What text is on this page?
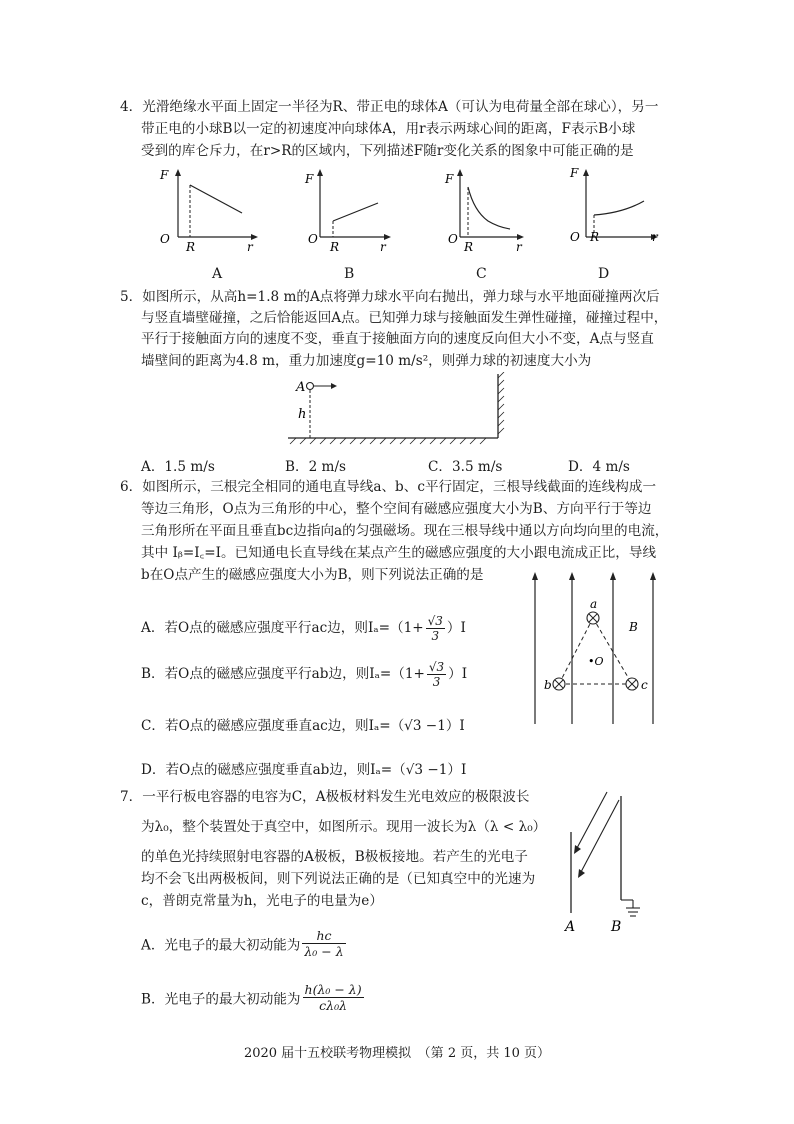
4．光滑绝缘水平面上固定一半径为R、带正电的球体A（可认为电荷量全部在球心），另一
带正电的小球B以一定的初速度冲向球体A，用r表示两球心间的距离，F表示B小球
受到的库仑斥力，在r>R的区域内，下列描述F随r变化关系的图象中可能正确的是
F
O
R	r
A
F
O
R	r
B
F
O
R	r
C
F
O R	r
D
5．如图所示，从高h=1.8 m的A点将弹力球水平向右抛出，弹力球与水平地面碰撞两次后
与竖直墙壁碰撞，之后恰能返回A点。已知弹力球与接触面发生弹性碰撞，碰撞过程中，
平行于接触面方向的速度不变，垂直于接触面方向的速度反向但大小不变，A点与竖直
墙壁间的距离为4.8 m，重力加速度g=10 m/s²，则弹力球的初速度大小为
A
h
A．1.5 m/s	B．2 m/s	C．3.5 m/s	D．4 m/s
6．如图所示，三根完全相同的通电直导线a、b、c平行固定，三根导线截面的连线构成一
等边三角形，O点为三角形的中心，整个空间有磁感应强度大小为B、方向平行于等边
三角形所在平面且垂直bc边指向a的匀强磁场。现在三根导线中通以方向均向里的电流，
其中 Iᵦ=I꜀=I。已知通电长直导线在某点产生的磁感应强度的大小跟电流成正比，导线
b在O点产生的磁感应强度大小为B，则下列说法正确的是
A．若O点的磁感应强度平行ac边，则$I_a=(1+ \frac{√3}{3} )I$
B．若O点的磁感应强度平行ab边，则$I_a=(1+ \frac{√3}{3} )I$
C．若O点的磁感应强度垂直ac边，则Iₐ=（√3 −1）I
D．若O点的磁感应强度垂直ab边，则Iₐ=（√3 −1）I
a
b	c
•O
B
7．一平行板电容器的电容为C，A极板材料发生光电效应的极限波长
为λ₀，整个装置处于真空中，如图所示。现用一波长为λ（λ < λ₀）
的单色光持续照射电容器的A极板，B极板接地。若产生的光电子
均不会飞出两极板间，则下列说法正确的是（已知真空中的光速为
c，普朗克常量为h，光电子的电量为e）
A．光电子的最大初动能为 $\frac{hc}{\text{λ₀ − λ}}$
B．光电子的最大初动能为 $\frac{\text{h(λ₀ − λ)}}{\text{cλ₀λ}}$
A	B
2020 届十五校联考物理模拟　（第 2 页，共 10 页）
